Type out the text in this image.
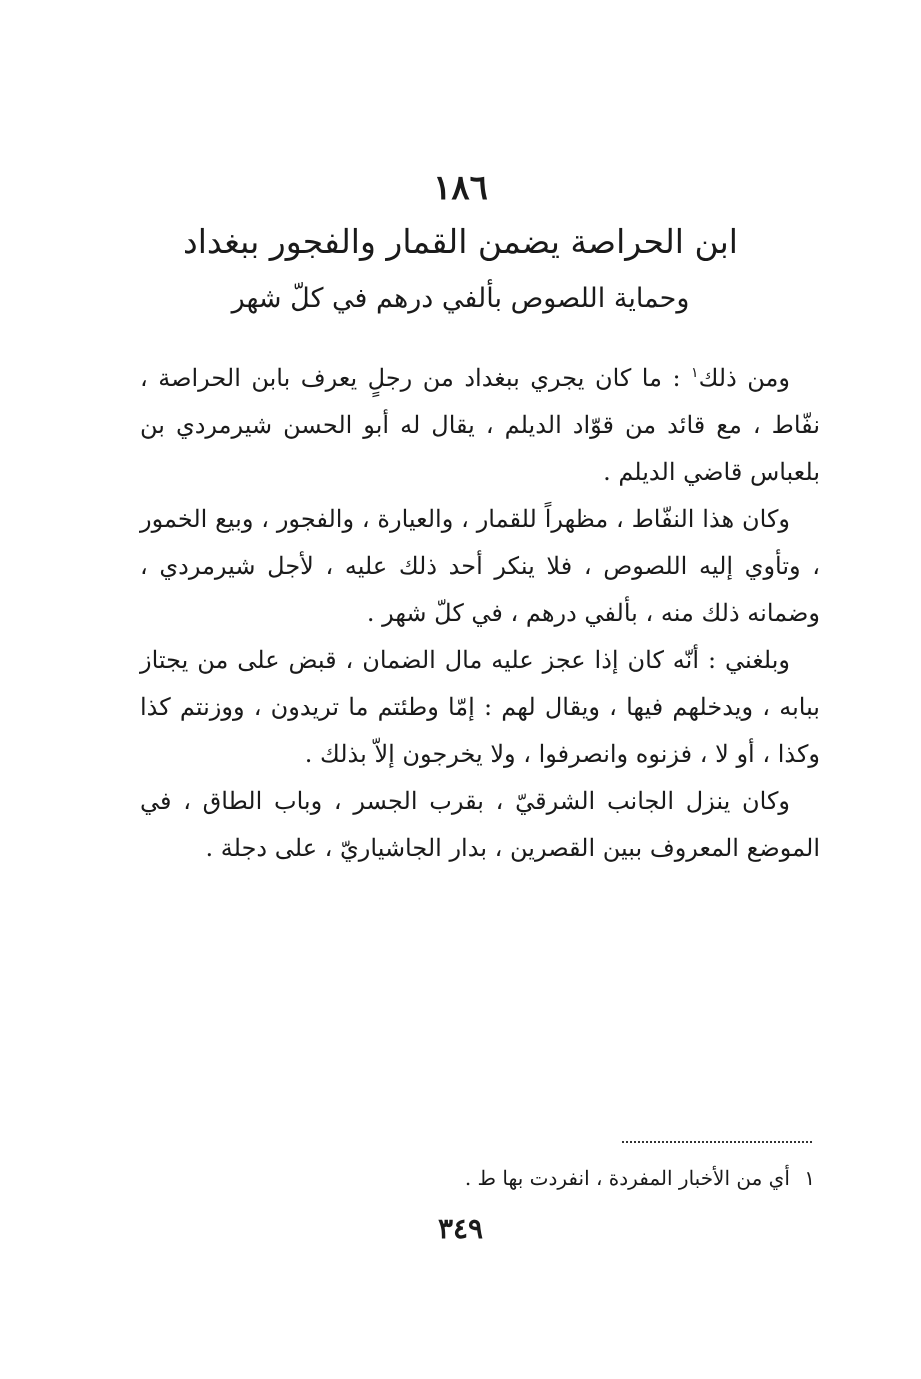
١٨٦
ابن الحراصة يضمن القمار والفجور ببغداد
وحماية اللصوص بألفي درهم في كلّ شهر

ومن ذلك$^١$ : ما كان يجري ببغداد من رجلٍ يعرف بابن الحراصة ، نفّاط ، مع قائد من قوّاد الديلم ، يقال له أبو الحسن شيرمردي بن بلعباس قاضي الديلم .

وكان هذا النفّاط ، مظهراً للقمار ، والعيارة ، والفجور ، وبيع الخمور ، وتأوي إليه اللصوص ، فلا ينكر أحد ذلك عليه ، لأجل شيرمردي ، وضمانه ذلك منه ، بألفي درهم ، في كلّ شهر .

وبلغني : أنّه كان إذا عجز عليه مال الضمان ، قبض على من يجتاز ببابه ، ويدخلهم فيها ، ويقال لهم : إمّا وطئتم ما تريدون ، ووزنتم كذا وكذا ، أو لا ، فزنوه وانصرفوا ، ولا يخرجون إلاّ بذلك .

وكان ينزل الجانب الشرقيّ ، بقرب الجسر ، وباب الطاق ، في الموضع المعروف ببين القصرين ، بدار الجاشياريّ ، على دجلة .

١ أي من الأخبار المفردة ، انفردت بها ط .
٣٤٩
